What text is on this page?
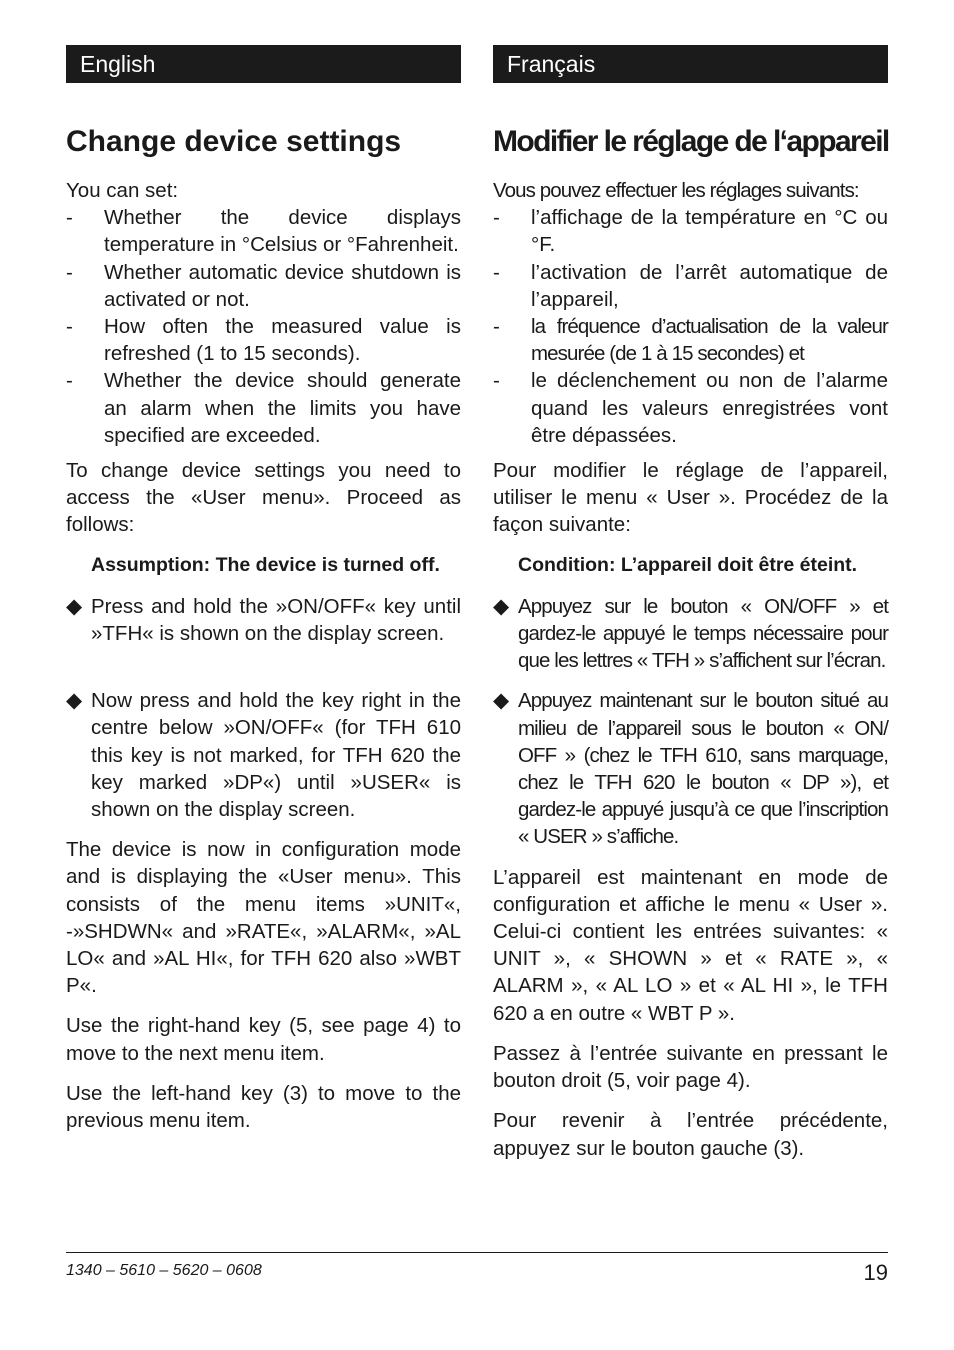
English
Change device settings

You can set:

- Whether the device displays temperature in °Celsius or °Fahrenheit.
- Whether automatic device shutdown is activated or not.
- How often the measured value is refreshed (1 to 15 seconds).
- Whether the device should generate an alarm when the limits you have specified are exceeded.

To change device settings you need to access the «User menu». Proceed as follows:

Assumption: The device is turned off.
◆ Press and hold the »ON/OFF« key until »TFH« is shown on the display screen.
◆ Now press and hold the key right in the centre below »ON/OFF« (for TFH 610 this key is not marked, for TFH 620 the key marked »DP«) until »USER« is shown on the display screen.

The device is now in configuration mode and is displaying the «User menu». This consists of the menu items »UNIT«, -»SHDWN« and »RATE«, »ALARM«, »AL LO« and »AL HI«, for TFH 620 also »WBT P«.

Use the right-hand key (5, see page 4) to move to the next menu item.

Use the left-hand key (3) to move to the previous menu item.

Français
Modifier le réglage de l‘appareil

Vous pouvez effectuer les réglages suivants:

- l’affichage de la température en °C ou °F.
- l’activation de l’arrêt automatique de l’appareil,
- la fréquence d’actualisation de la valeur mesurée (de 1 à 15 secondes) et
- le déclenchement ou non de l’alarme quand les valeurs enregistrées vont être dépassées.

Pour modifier le réglage de l’appareil, utiliser le menu « User ». Procédez de la façon suivante:

Condition: L’appareil doit être éteint.
◆ Appuyez sur le bouton « ON/OFF » et gardez-le appuyé le temps nécessaire pour que les lettres « TFH » s’affichent sur l’écran.
◆ Appuyez maintenant sur le bouton situé au milieu de l’appareil sous le bouton « ON/ OFF » (chez le TFH 610, sans marquage, chez le TFH 620 le bouton « DP »), et gardez-le appuyé jusqu’à ce que l’inscription « USER » s’affiche.

L’appareil est maintenant en mode de configuration et affiche le menu « User ». Celui-ci contient les entrées suivantes: « UNIT », « SHOWN » et « RATE », « ALARM », « AL LO » et « AL HI », le TFH 620 a en outre « WBT P ».

Passez à l’entrée suivante en pressant le bouton droit (5, voir page 4).

Pour revenir à l’entrée précédente, appuyez sur le bouton gauche (3).

1340 – 5610 – 5620 – 0608	19
